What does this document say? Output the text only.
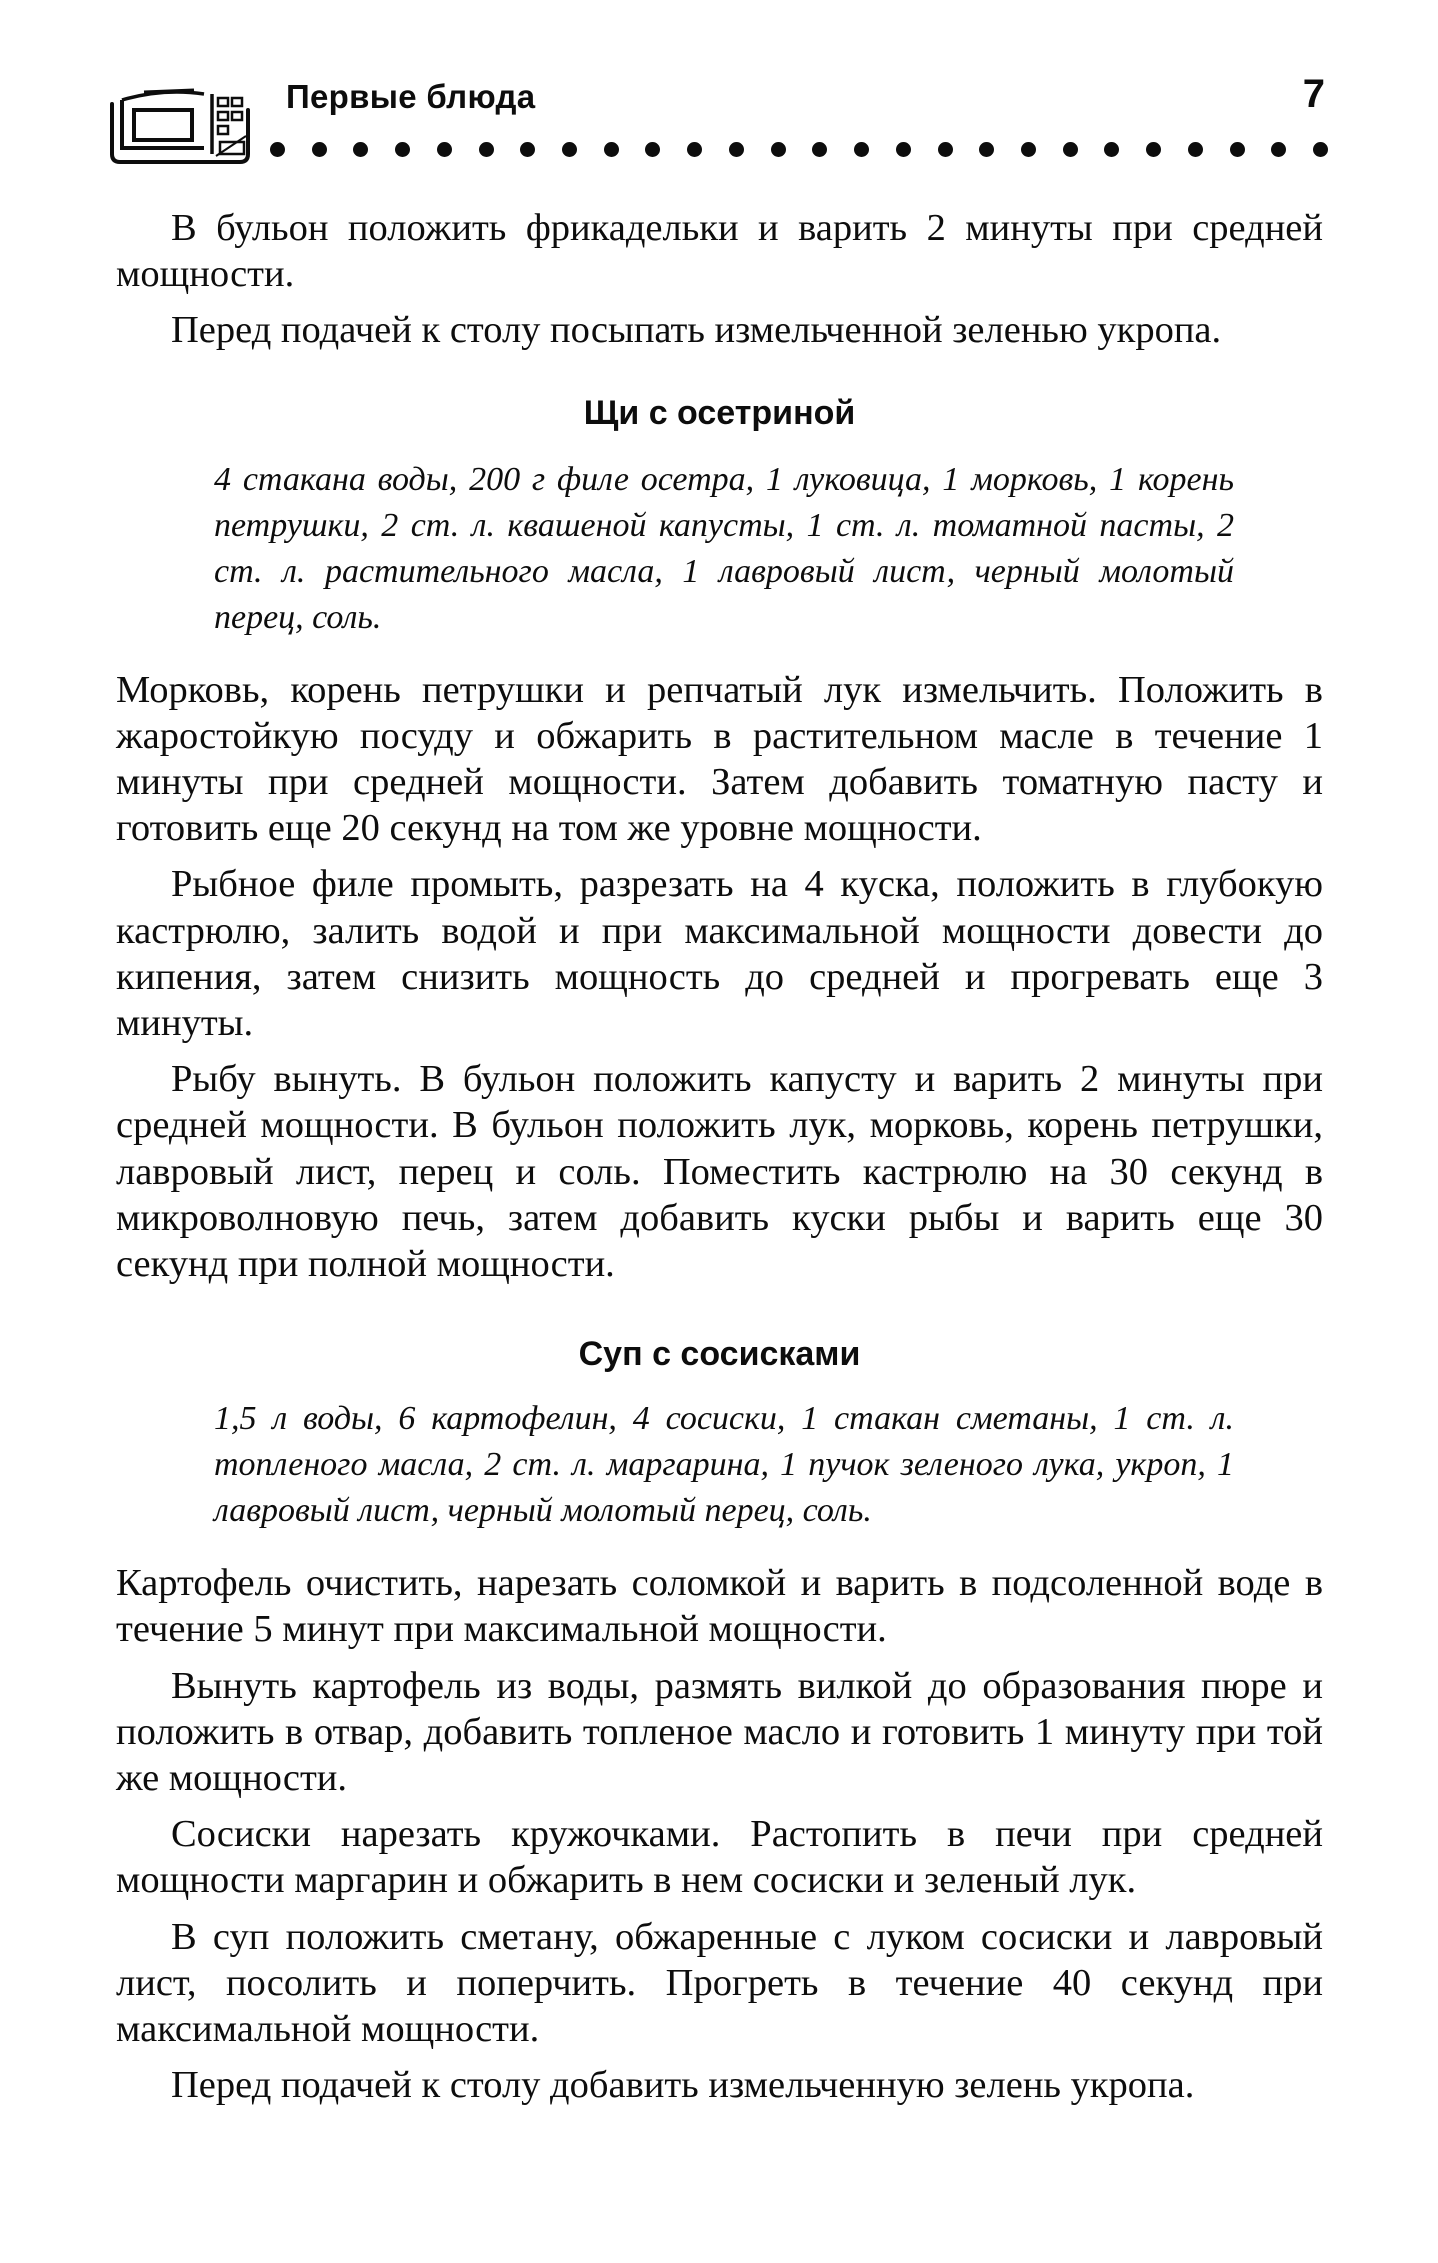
Первые блюда	7

В бульон положить фрикадельки и варить 2 минуты при средней мощности.

Перед подачей к столу посыпать измельченной зеленью укропа.

Щи с осетриной

4 стакана воды, 200 г филе осетра, 1 луковица, 1 морковь, 1 корень петрушки, 2 ст. л. квашеной капусты, 1 ст. л. томатной пасты, 2 ст. л. растительного масла, 1 лавровый лист, черный молотый перец, соль.

Морковь, корень петрушки и репчатый лук измельчить. Положить в жаростойкую посуду и обжарить в растительном масле в течение 1 минуты при средней мощности. Затем добавить томатную пасту и готовить еще 20 секунд на том же уровне мощности.

Рыбное филе промыть, разрезать на 4 куска, положить в глубокую кастрюлю, залить водой и при максимальной мощности довести до кипения, затем снизить мощность до средней и прогревать еще 3 минуты.

Рыбу вынуть. В бульон положить капусту и варить 2 минуты при средней мощности. В бульон положить лук, морковь, корень петрушки, лавровый лист, перец и соль. Поместить кастрюлю на 30 секунд в микроволновую печь, затем добавить куски рыбы и варить еще 30 секунд при полной мощности.

Суп с сосисками

1,5 л воды, 6 картофелин, 4 сосиски, 1 стакан сметаны, 1 ст. л. топленого масла, 2 ст. л. маргарина, 1 пучок зеленого лука, укроп, 1 лавровый лист, черный молотый перец, соль.

Картофель очистить, нарезать соломкой и варить в подсоленной воде в течение 5 минут при максимальной мощности.

Вынуть картофель из воды, размять вилкой до образования пюре и положить в отвар, добавить топленое масло и готовить 1 минуту при той же мощности.

Сосиски нарезать кружочками. Растопить в печи при средней мощности маргарин и обжарить в нем сосиски и зеленый лук.

В суп положить сметану, обжаренные с луком сосиски и лавровый лист, посолить и поперчить. Прогреть в течение 40 секунд при максимальной мощности.

Перед подачей к столу добавить измельченную зелень укропа.
